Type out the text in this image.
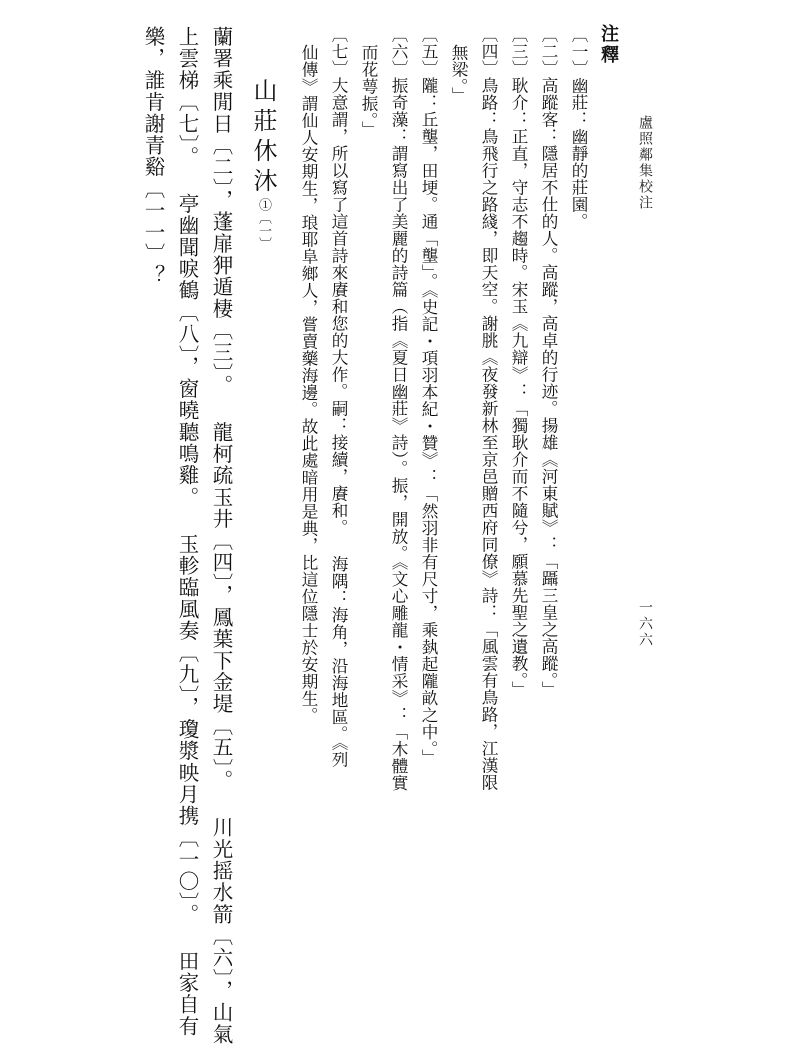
盧照鄰集校注
一六六
注釋
〔一〕幽莊：幽靜的莊園。
〔二〕高蹤客：隱居不仕的人。高蹤，高卓的行迹。揚雄《河東賦》：「躡三皇之高蹤。」
〔三〕耿介：正直，守志不趨時。宋玉《九辯》：「獨耿介而不隨兮，願慕先聖之遺教。」
〔四〕鳥路：鳥飛行之路綫，即天空。謝朓《夜發新林至京邑贈西府同僚》詩：「風雲有鳥路，江漢限
無梁。」
〔五〕隴：丘壟，田埂。通「壟」。《史記・項羽本紀・贊》：「然羽非有尺寸，乘埶起隴畝之中。」
〔六〕振奇藻：謂寫出了美麗的詩篇（指《夏日幽莊》詩）。振，開放。《文心雕龍・情采》：「木體實
而花萼振。」
〔七〕大意謂，所以寫了這首詩來賡和您的大作。嗣：接續，賡和。 海隅：海角，沿海地區。《列
仙傳》謂仙人安期生，琅耶阜鄉人，嘗賣藥海邊。故此處暗用是典，比這位隱士於安期生。
山莊休沐①〔一〕
蘭署乘閒日〔二〕，蓬扉狎遁棲〔三〕。 龍柯疏玉井〔四〕，鳳葉下金堤〔五〕。 川光摇水箭〔六〕，山氣
上雲梯〔七〕。 亭幽聞唳鶴〔八〕，窗曉聽鳴雞。 玉軫臨風奏〔九〕，瓊漿映月携〔一〇〕。 田家自有
樂，誰肯謝青谿〔一一〕？
